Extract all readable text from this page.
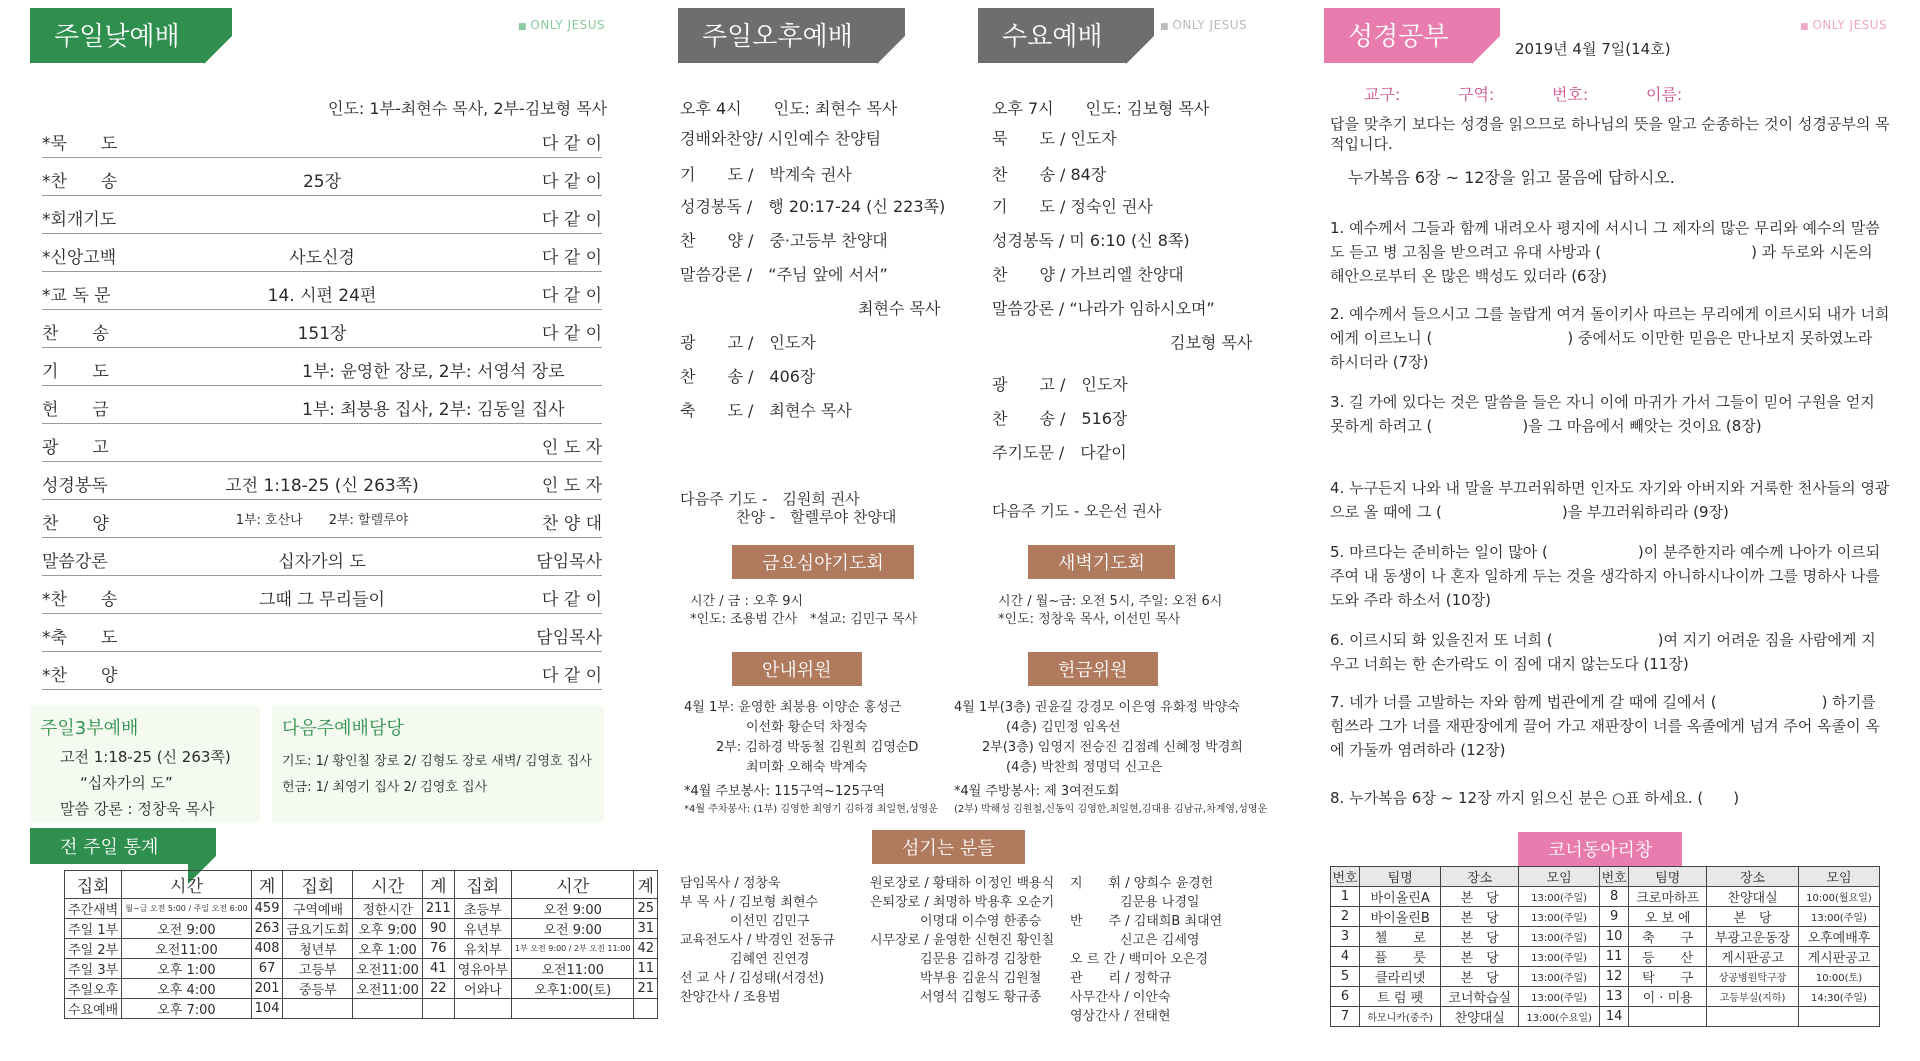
주일낮예배	■ ONLY JESUS
인도: 1부-최현수 목사, 2부-김보형 목사
*묵　　도	다 같 이
*찬　　송	25장	다 같 이
*회개기도	다 같 이
*신앙고백	사도신경	다 같 이
*교 독 문	14. 시편 24편	다 같 이
찬　　송	151장	다 같 이
기　　도	1부: 윤영한 장로, 2부: 서영석 장로
헌　　금	1부: 최붕용 집사, 2부: 김동일 집사
광　　고	인 도 자
성경봉독	고전 1:18-25 (신 263쪽)	인 도 자
찬　　양	1부: 호산나　　2부: 할렐루야	찬 양 대
말씀강론	십자가의 도	담임목사
*찬　　송	그때 그 무리들이	다 같 이
*축　　도	담임목사
*찬　　양	다 같 이
주일3부예배
고전 1:18-25 (신 263쪽)
“십자가의 도”
말씀 강론 : 정창욱 목사
다음주예배담당
기도: 1/ 황인칠 장로 2/ 김형도 장로 새벽/ 김영호 집사
헌금: 1/ 최영기 집사 2/ 김영호 집사
전 주일 통계
집회	시간	계	집회	시간	계	집회	시간	계
주간새벽	월~금 오전 5:00 / 주일 오전 6:00	459	구역예배	정한시간	211	초등부	오전 9:00	25
주일 1부	오전 9:00	263	금요기도회	오후 9:00	90	유년부	오전 9:00	31
주일 2부	오전11:00	408	청년부	오후 1:00	76	유치부	1부 오전 9:00 / 2부 오전 11:00	42
주일 3부	오후 1:00	67	고등부	오전11:00	41	영유아부	오전11:00	11
주일오후	오후 4:00	201	중등부	오전11:00	22	어와나	오후1:00(토)	21
수요예배	오후 7:00	104						
주일오후예배	수요예배	■ ONLY JESUS
오후 4시　　인도: 최현수 목사
경배와찬양/ 시인예수 찬양팀
기　　도 /　박계숙 권사
성경봉독 /　행 20:17-24 (신 223쪽)
찬　　양 /　중·고등부 찬양대
말씀강론 /　“주님 앞에 서서”
최현수 목사
광　　고 /　인도자
찬　　송 /　406장
축　　도 /　최현수 목사
오후 7시　　인도: 김보형 목사
묵　　도 / 인도자
찬　　송 / 84장
기　　도 / 정숙인 권사
성경봉독 / 미 6:10 (신 8쪽)
찬　　양 / 가브리엘 찬양대
말씀강론 / “나라가 임하시오며”
김보형 목사
광　　고 /　인도자
찬　　송 /　516장
주기도문 /　다같이
다음주 기도 -　김원희 권사
찬양 -　할렐루야 찬양대	다음주 기도 - 오은선 권사
금요심야기도회	새벽기도회
시간 / 금 : 오후 9시
*인도: 조용범 간사　*설교: 김민구 목사
시간 / 월~금: 오전 5시, 주일: 오전 6시
*인도: 정창욱 목사, 이선민 목사
안내위원	헌금위원
4월 1부: 윤영한 최붕용 이양순 홍성근
이선화 황순덕 차정숙
2부: 김하경 박동철 김원희 김영순D
최미화 오해숙 박계숙
*4월 주보봉사: 115구역~125구역
*4월 주차봉사: (1부) 김영한 최영기 김하경 최일현,성영운
4월 1부(3층) 권윤길 강경모 이은영 유화정 박양숙
(4층) 김민정 임옥선
2부(3층) 임영지 전승진 김점례 신혜정 박경희
(4층) 박찬희 정명덕 신고은
*4월 주방봉사: 제 3여전도회
(2부) 박해성 김원철,신동익 김영한,최일현,김대용 김남규,차계영,성영운
섬기는 분들
담임목사 / 정창욱
부 목 사 / 김보형 최현수
이선민 김민구
교육전도사 / 박경인 전동규
김혜연 진연경
선 교 사 / 김성태(서경선)
찬양간사 / 조용범
원로장로 / 황태하 이정인 백용식
은퇴장로 / 최명하 박용후 오순기
이명대 이수영 한종승
시무장로 / 윤영한 신현진 황인칠
김문용 김하경 김창한
박부용 김윤식 김원철
서영석 김형도 황규종
지　　휘 / 양희수 윤경헌
김문용 나경일
반　　주 / 김태희B 최대연
신고은 김세영
오 르 간 / 백미아 오은경
관　　리 / 정학규
사무간사 / 이안숙
영상간사 / 전태현
성경공부	2019년 4월 7일(14호)
■ ONLY JESUS
교구:	구역:	번호:	이름:
답을 맞추기 보다는 성경을 읽으므로 하나님의 뜻을 알고 순종하는 것이 성경공부의 목적입니다.
누가복음 6장 ~ 12장을 읽고 물음에 답하시오.
1. 예수께서 그들과 함께 내려오사 평지에 서시니 그 제자의 많은 무리와 예수의 말씀도 듣고 병 고침을 받으려고 유대 사방과 (　　　　　　　　　　) 과 두로와 시돈의 해안으로부터 온 많은 백성도 있더라 (6장)
2. 예수께서 들으시고 그를 놀랍게 여겨 돌이키사 따르는 무리에게 이르시되 내가 너희에게 이르노니 (　　　　　　　　　) 중에서도 이만한 믿음은 만나보지 못하였노라 하시더라 (7장)
3. 길 가에 있다는 것은 말씀을 들은 자니 이에 마귀가 가서 그들이 믿어 구원을 얻지 못하게 하려고 (　　　　　　)을 그 마음에서 빼앗는 것이요 (8장)
4. 누구든지 나와 내 말을 부끄러워하면 인자도 자기와 아버지와 거룩한 천사들의 영광으로 올 때에 그 (　　　　　　　　)을 부끄러워하리라 (9장)
5. 마르다는 준비하는 일이 많아 (　　　　　　)이 분주한지라 예수께 나아가 이르되 주여 내 동생이 나 혼자 일하게 두는 것을 생각하지 아니하시나이까 그를 명하사 나를 도와 주라 하소서 (10장)
6. 이르시되 화 있을진저 또 너희 (　　　　　　　)여 지기 어려운 짐을 사람에게 지우고 너희는 한 손가락도 이 짐에 대지 않는도다 (11장)
7. 네가 너를 고발하는 자와 함께 법관에게 갈 때에 길에서 (　　　　　　　) 하기를 힘쓰라 그가 너를 재판장에게 끌어 가고 재판장이 너를 옥졸에게 넘겨 주어 옥졸이 옥에 가둘까 염려하라 (12장)
8. 누가복음 6장 ~ 12장 까지 읽으신 분은 ○표 하세요. (　　)
코너동아리창
번호	팀명	장소	모임	번호	팀명	장소	모임
1	바이올린A	본　당	13:00(주일)	8	크로마하프	찬양대실	10:00(월요일)
2	바이올린B	본　당	13:00(주일)	9	오 보 에	본　당	13:00(주일)
3	첼　　로	본　당	13:00(주일)	10	축　　구	부광고운동장	오후예배후
4	플　　룻	본　당	13:00(주일)	11	등　　산	게시판공고	게시판공고
5	클라리넷	본　당	13:00(주일)	12	탁　　구	상공병원탁구장	10:00(토)
6	트 럼 펫	코너학습실	13:00(주일)	13	이 · 미용	고등부실(지하)	14:30(주일)
7	하모니카(중주)	찬양대실	13:00(수요일)	14			
